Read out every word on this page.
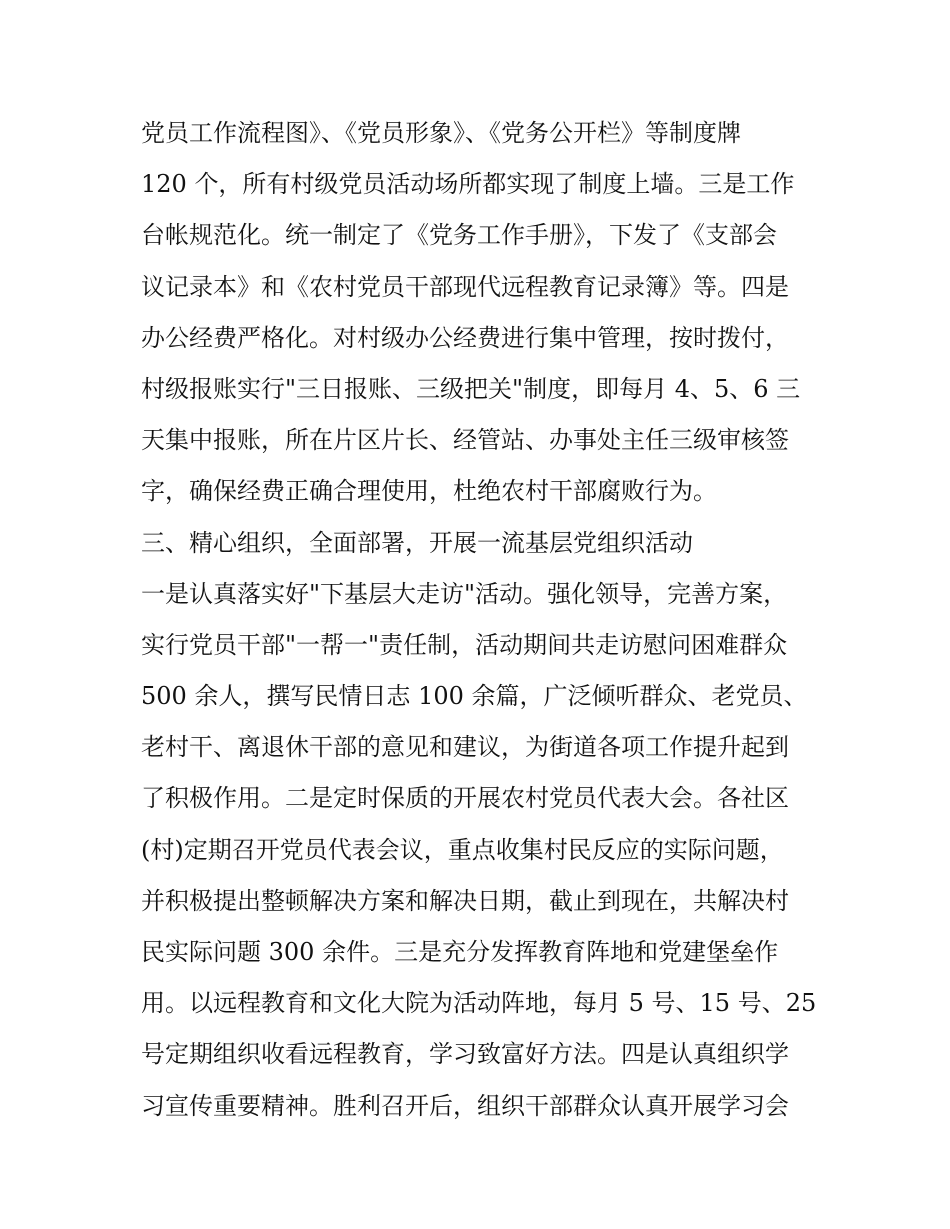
党员工作流程图》、《党员形象》、《党务公开栏》等制度牌
120 个，所有村级党员活动场所都实现了制度上墙。三是工作
台帐规范化。统一制定了《党务工作手册》，下发了《支部会
议记录本》和《农村党员干部现代远程教育记录簿》等。四是
办公经费严格化。对村级办公经费进行集中管理，按时拨付，
村级报账实行"三日报账、三级把关"制度，即每月 4、5、6 三
天集中报账，所在片区片长、经管站、办事处主任三级审核签
字，确保经费正确合理使用，杜绝农村干部腐败行为。
三、精心组织，全面部署，开展一流基层党组织活动
一是认真落实好"下基层大走访"活动。强化领导，完善方案，
实行党员干部"一帮一"责任制，活动期间共走访慰问困难群众
500 余人，撰写民情日志 100 余篇，广泛倾听群众、老党员、
老村干、离退休干部的意见和建议，为街道各项工作提升起到
了积极作用。二是定时保质的开展农村党员代表大会。各社区
(村)定期召开党员代表会议，重点收集村民反应的实际问题，
并积极提出整顿解决方案和解决日期，截止到现在，共解决村
民实际问题 300 余件。三是充分发挥教育阵地和党建堡垒作
用。以远程教育和文化大院为活动阵地，每月 5 号、15 号、25
号定期组织收看远程教育，学习致富好方法。四是认真组织学
习宣传重要精神。胜利召开后，组织干部群众认真开展学习会
